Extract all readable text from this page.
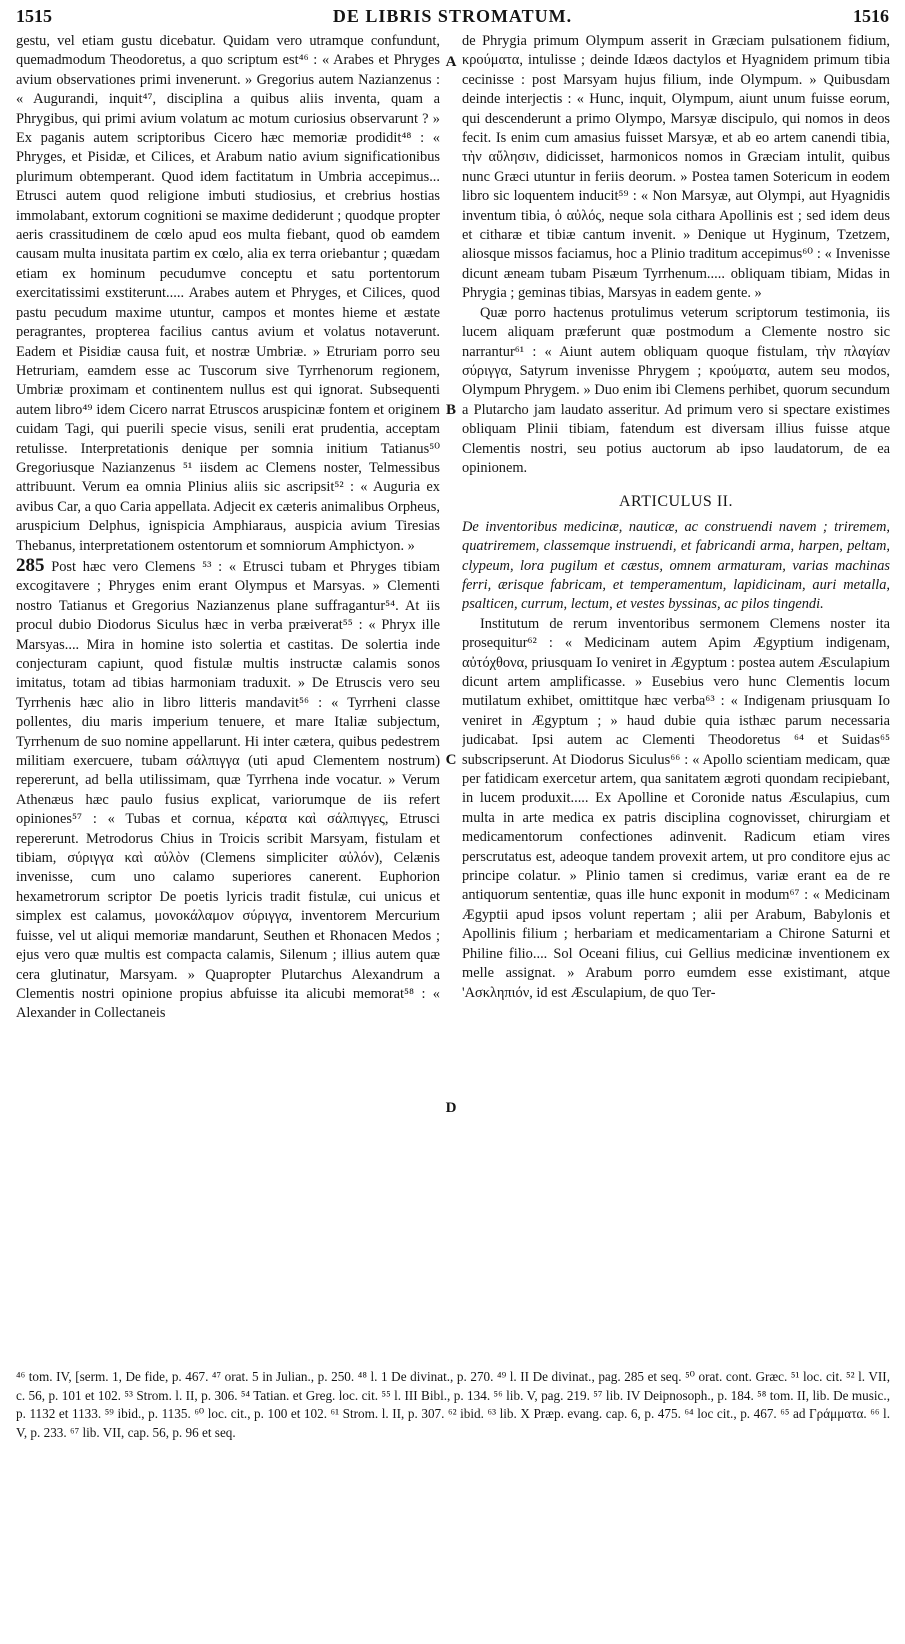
1515	DE LIBRIS STROMATUM.	1516

gestu, vel etiam gustu dicebatur. Quidam vero utramque confundunt, quemadmodum Theodoretus, a quo scriptum est⁴⁶ : « Arabes et Phryges avium observationes primi invenerunt. » Gregorius autem Nazianzenus : « Augurandi, inquit⁴⁷, disciplina a quibus aliis inventa, quam a Phrygibus, qui primi avium volatum ac motum curiosius observarunt ? » Ex paganis autem scriptoribus Cicero hæc memoriæ prodidit⁴⁸ : « Phryges, et Pisidæ, et Cilices, et Arabum natio avium significationibus plurimum obtemperant. Quod idem factitatum in Umbria accepimus... Etrusci autem quod religione imbuti studiosius, et crebrius hostias immolabant, extorum cognitioni se maxime dediderunt ; quodque propter aeris crassitudinem de cœlo apud eos multa fiebant, quod ob eamdem causam multa inusitata partim ex cœlo, alia ex terra oriebantur ; quædam etiam ex hominum pecudumve conceptu et satu portentorum exercitatissimi exstiterunt..... Arabes autem et Phryges, et Cilices, quod pastu pecudum maxime utuntur, campos et montes hieme et æstate peragrantes, propterea facilius cantus avium et volatus notaverunt. Eadem et Pisidiæ causa fuit, et nostræ Umbriæ. » Etruriam porro seu Hetruriam, eamdem esse ac Tuscorum sive Tyrrhenorum regionem, Umbriæ proximam et continentem nullus est qui ignorat. Subsequenti autem libro⁴⁹ idem Cicero narrat Etruscos aruspicinæ fontem et originem cuidam Tagi, qui puerili specie visus, senili erat prudentia, acceptam retulisse. Interpretationis denique per somnia initium Tatianus⁵⁰ Gregoriusque Nazianzenus ⁵¹ iisdem ac Clemens noster, Telmessibus attribuunt. Verum ea omnia Plinius aliis sic ascripsit⁵² : « Auguria ex avibus Car, a quo Caria appellata. Adjecit ex cæteris animalibus Orpheus, aruspicium Delphus, ignispicia Amphiaraus, auspicia avium Tiresias Thebanus, interpretationem ostentorum et somniorum Amphictyon. »

285 Post hæc vero Clemens ⁵³ : « Etrusci tubam et Phryges tibiam excogitavere ; Phryges enim erant Olympus et Marsyas. » Clementi nostro Tatianus et Gregorius Nazianzenus plane suffragantur⁵⁴. At iis procul dubio Diodorus Siculus hæc in verba præiverat⁵⁵ : « Phryx ille Marsyas.... Mira in homine isto solertia et castitas. De solertia inde conjecturam capiunt, quod fistulæ multis instructæ calamis sonos imitatus, totam ad tibias harmoniam traduxit. » De Etruscis vero seu Tyrrhenis hæc alio in libro litteris mandavit⁵⁶ : « Tyrrheni classe pollentes, diu maris imperium tenuere, et mare Italiæ subjectum, Tyrrhenum de suo nomine appellarunt. Hi inter cætera, quibus pedestrem militiam exercuere, tubam σάλπιγγα (uti apud Clementem nostrum) repererunt, ad bella utilissimam, quæ Tyrrhena inde vocatur. » Verum Athenæus hæc paulo fusius explicat, variorumque de iis refert opiniones⁵⁷ : « Tubas et cornua, κέρατα καὶ σάλπιγγες, Etrusci repererunt. Metrodorus Chius in Troicis scribit Marsyam, fistulam et tibiam, σύριγγα καὶ αὐλὸν (Clemens simpliciter αὐλόν), Celænis invenisse, cum uno calamo superiores canerent. Euphorion hexametrorum scriptor De poetis lyricis tradit fistulæ, cui unicus et simplex est calamus, μονοκάλαμον σύριγγα, inventorem Mercurium fuisse, vel ut aliqui memoriæ mandarunt, Seuthen et Rhonacen Medos ; ejus vero quæ multis est compacta calamis, Silenum ; illius autem quæ cera glutinatur, Marsyam. » Quapropter Plutarchus Alexandrum a Clementis nostri opinione propius abfuisse ita alicubi memorat⁵⁸ : « Alexander in Collectaneis

A
B
C
D

de Phrygia primum Olympum asserit in Græciam pulsationem fidium, κρούματα, intulisse ; deinde Idæos dactylos et Hyagnidem primum tibia cecinisse : post Marsyam hujus filium, inde Olympum. » Quibusdam deinde interjectis : « Hunc, inquit, Olympum, aiunt unum fuisse eorum, qui descenderunt a primo Olympo, Marsyæ discipulo, qui nomos in deos fecit. Is enim cum amasius fuisset Marsyæ, et ab eo artem canendi tibia, τὴν αὔλησιν, didicisset, harmonicos nomos in Græciam intulit, quibus nunc Græci utuntur in feriis deorum. » Postea tamen Sotericum in eodem libro sic loquentem inducit⁵⁹ : « Non Marsyæ, aut Olympi, aut Hyagnidis inventum tibia, ὁ αὐλός, neque sola cithara Apollinis est ; sed idem deus et citharæ et tibiæ cantum invenit. » Denique ut Hyginum, Tzetzem, aliosque missos faciamus, hoc a Plinio traditum accepimus⁶⁰ : « Invenisse dicunt æneam tubam Pisæum Tyrrhenum..... obliquam tibiam, Midas in Phrygia ; geminas tibias, Marsyas in eadem gente. »

Quæ porro hactenus protulimus veterum scriptorum testimonia, iis lucem aliquam præferunt quæ postmodum a Clemente nostro sic narrantur⁶¹ : « Aiunt autem obliquam quoque fistulam, τὴν πλαγίαν σύριγγα, Satyrum invenisse Phrygem ; κρούματα, autem seu modos, Olympum Phrygem. » Duo enim ibi Clemens perhibet, quorum secundum a Plutarcho jam laudato asseritur. Ad primum vero si spectare existimes obliquam Plinii tibiam, fatendum est diversam illius fuisse atque Clementis nostri, seu potius auctorum ab ipso laudatorum, de ea opinionem.

ARTICULUS II.

De inventoribus medicinæ, nauticæ, ac construendi navem ; triremem, quatriremem, classemque instruendi, et fabricandi arma, harpen, peltam, clypeum, lora pugilum et cæstus, omnem armaturam, varias machinas ferri, ærisque fabricam, et temperamentum, lapidicinam, auri metalla, psalticen, currum, lectum, et vestes byssinas, ac pilos tingendi.

Institutum de rerum inventoribus sermonem Clemens noster ita prosequitur⁶² : « Medicinam autem Apim Ægyptium indigenam, αὐτόχθονα, priusquam Io veniret in Ægyptum : postea autem Æsculapium dicunt artem amplificasse. » Eusebius vero hunc Clementis locum mutilatum exhibet, omittitque hæc verba⁶³ : « Indigenam priusquam Io veniret in Ægyptum ; » haud dubie quia isthæc parum necessaria judicabat. Ipsi autem ac Clementi Theodoretus ⁶⁴ et Suidas⁶⁵ subscripserunt. At Diodorus Siculus⁶⁶ : « Apollo scientiam medicam, quæ per fatidicam exercetur artem, qua sanitatem ægroti quondam recipiebant, in lucem produxit..... Ex Apolline et Coronide natus Æsculapius, cum multa in arte medica ex patris disciplina cognovisset, chirurgiam et medicamentorum confectiones adinvenit. Radicum etiam vires perscrutatus est, adeoque tandem provexit artem, ut pro conditore ejus ac principe colatur. » Plinio tamen si credimus, variæ erant ea de re antiquorum sententiæ, quas ille hunc exponit in modum⁶⁷ : « Medicinam Ægyptii apud ipsos volunt repertam ; alii per Arabum, Babylonis et Apollinis filium ; herbariam et medicamentariam a Chirone Saturni et Philine filio.... Sol Oceani filius, cui Gellius medicinæ inventionem ex melle assignat. » Arabum porro eumdem esse existimant, atque 'Ασκληπιόν, id est Æsculapium, de quo Ter-

⁴⁶ tom. IV, [serm. 1, De fide, p. 467. ⁴⁷ orat. 5 in Julian., p. 250. ⁴⁸ l. 1 De divinat., p. 270. ⁴⁹ l. II De divinat., pag. 285 et seq. ⁵⁰ orat. cont. Græc. ⁵¹ loc. cit. ⁵² l. VII, c. 56, p. 101 et 102. ⁵³ Strom. l. II, p. 306. ⁵⁴ Tatian. et Greg. loc. cit. ⁵⁵ l. III Bibl., p. 134. ⁵⁶ lib. V, pag. 219. ⁵⁷ lib. IV Deipnosoph., p. 184. ⁵⁸ tom. II, lib. De music., p. 1132 et 1133. ⁵⁹ ibid., p. 1135. ⁶⁰ loc. cit., p. 100 et 102. ⁶¹ Strom. l. II, p. 307. ⁶² ibid. ⁶³ lib. X Præp. evang. cap. 6, p. 475. ⁶⁴ loc cit., p. 467. ⁶⁵ ad Γράμματα. ⁶⁶ l. V, p. 233. ⁶⁷ lib. VII, cap. 56, p. 96 et seq.
